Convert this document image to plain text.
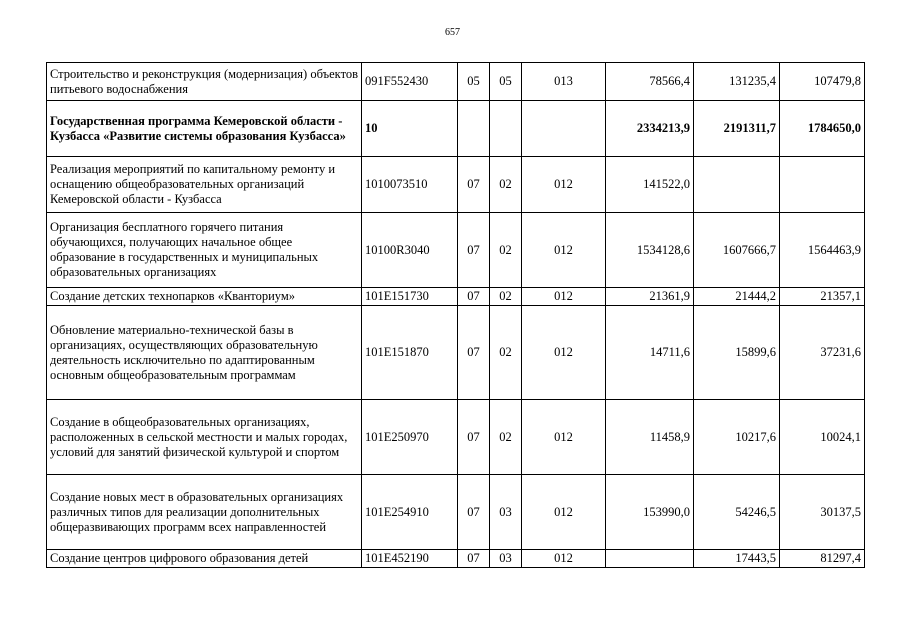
657
Строительство и реконструкция (модернизация) объектов питьевого водоснабжения	091F552430	05	05	013	78566,4	131235,4	107479,8
Государственная программа Кемеровской области - Кузбасса «Развитие системы образования Кузбасса»	10				2334213,9	2191311,7	1784650,0
Реализация мероприятий по капитальному ремонту и оснащению общеобразовательных организаций Кемеровской области - Кузбасса	1010073510	07	02	012	141522,0		
Организация бесплатного горячего питания обучающихся, получающих начальное общее образование в государственных и муниципальных образовательных организациях	10100R3040	07	02	012	1534128,6	1607666,7	1564463,9
Создание детских технопарков «Кванториум»	101E151730	07	02	012	21361,9	21444,2	21357,1
Обновление материально-технической базы в организациях, осуществляющих образовательную деятельность исключительно по адаптированным основным общеобразовательным программам	101E151870	07	02	012	14711,6	15899,6	37231,6
Создание в общеобразовательных организациях, расположенных в сельской местности и малых городах, условий для занятий физической культурой и спортом	101E250970	07	02	012	11458,9	10217,6	10024,1
Создание новых мест в образовательных организациях различных типов для реализации дополнительных общеразвивающих программ всех направленностей	101E254910	07	03	012	153990,0	54246,5	30137,5
Создание центров цифрового образования детей	101E452190	07	03	012		17443,5	81297,4
